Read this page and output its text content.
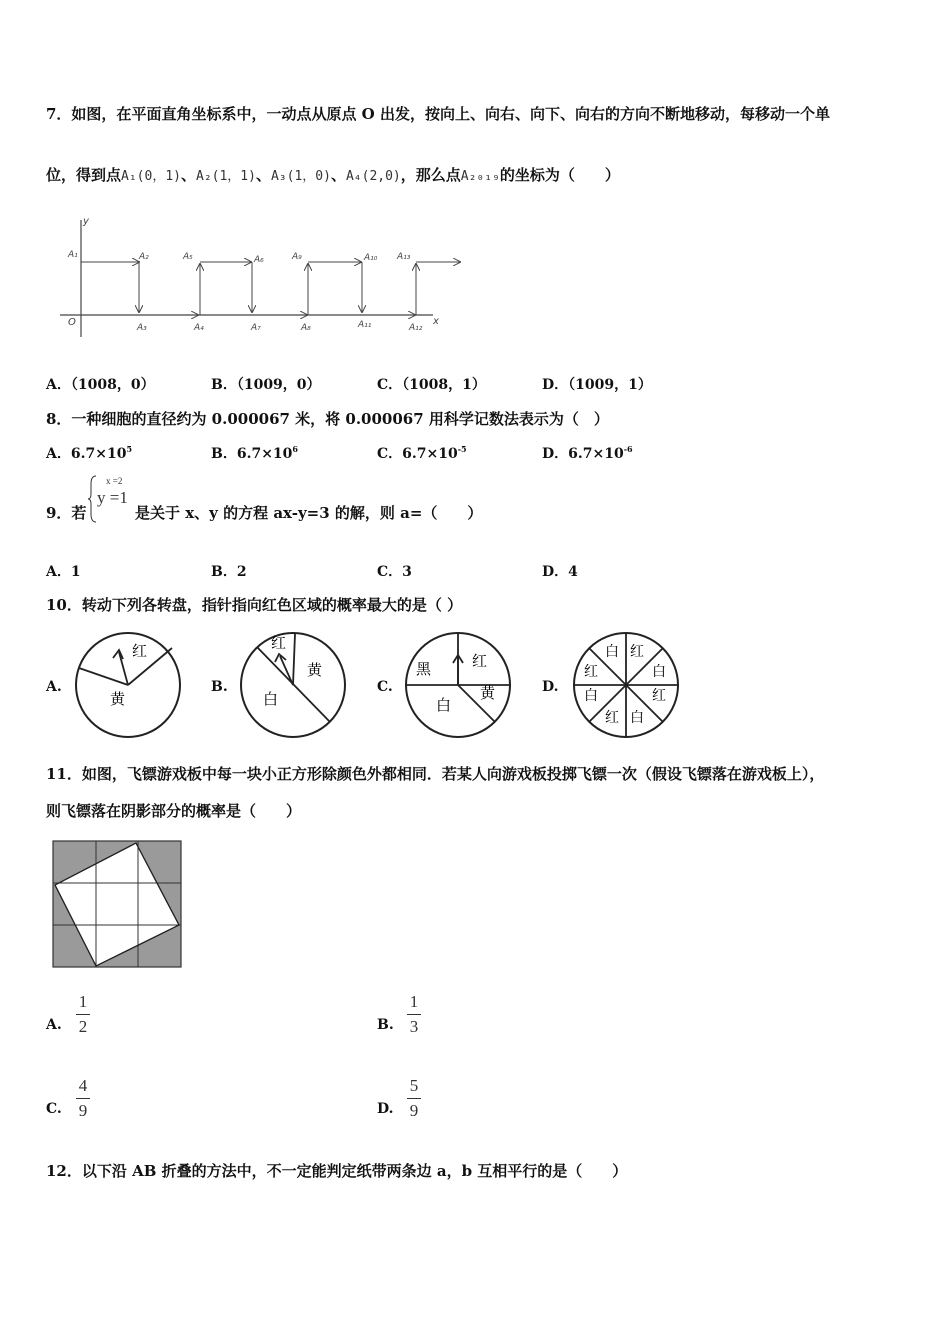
7．如图，在平面直角坐标系中，一动点从原点 O 出发，按向上、向右、向下、向右的方向不断地移动，每移动一个单
位，得到点A₁(0，1)、A₂(1，1)、A₃(1，0)、A₄(2,0)，那么点A₂₀₁₉的坐标为（　　）
y
x
O
A₁	A₂	A₅	A₆	A₉	A₁₀ A₁₃
A₃	A₄	A₇	A₈	A₁₁	A₁₂
A．（1008，0）	B．（1009，0）	C．（1008，1）	D．（1009，1）
8．一种细胞的直径约为 0.000067 米，将 0.000067 用科学记数法表示为（　）
A．$6.7\times 10^5$	B．$6.7\times 10^6$	C．$6.7\times 10^{-5}$	D．$6.7\times 10^{-6}$
9．若
x =2
y =1
是关于 x、y 的方程 ax-y=3 的解，则 a=（　　）
A．1	B．2	C．3	D．4
10．转动下列各转盘，指针指向红色区域的概率最大的是（ ）
A.
红
黄
B.
红
黄
白
C.
黑	红
黄
白
D.
白 红
红	白
白	红
红 白
11．如图，飞镖游戏板中每一块小正方形除颜色外都相同．若某人向游戏板投掷飞镖一次（假设飞镖落在游戏板上），
则飞镖落在阴影部分的概率是（　　）
A.
1
2	B.
1
3
C.
4
9	D.
5
9
12．以下沿 AB 折叠的方法中，不一定能判定纸带两条边 a，b 互相平行的是（　　）
